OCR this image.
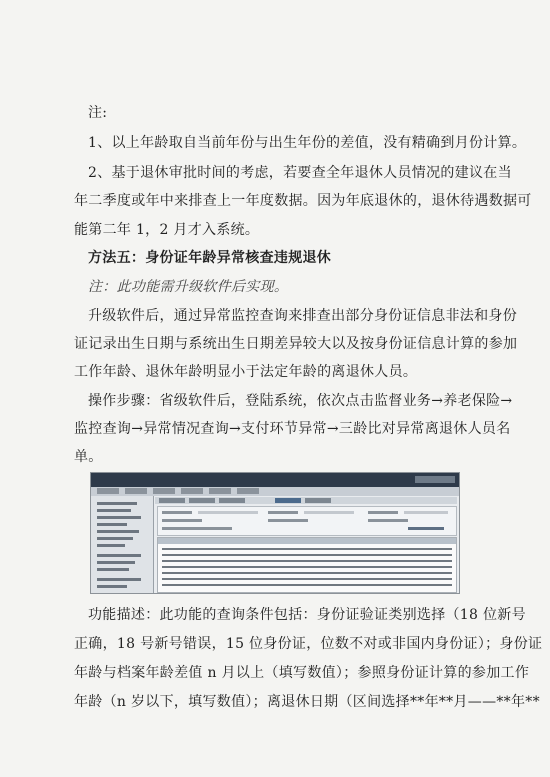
注:
1、以上年龄取自当前年份与出生年份的差值，没有精确到月份计算。
2、基于退休审批时间的考虑，若要查全年退休人员情况的建议在当
年二季度或年中来排查上一年度数据。因为年底退休的，退休待遇数据可
能第二年 1，2 月才入系统。
方法五：身份证年龄异常核查违规退休
注：此功能需升级软件后实现。
升级软件后，通过异常监控查询来排查出部分身份证信息非法和身份
证记录出生日期与系统出生日期差异较大以及按身份证信息计算的参加
工作年龄、退休年龄明显小于法定年龄的离退休人员。
操作步骤：省级软件后，登陆系统，依次点击监督业务→养老保险→
监控查询→异常情况查询→支付环节异常→三龄比对异常离退休人员名
单。
功能描述：此功能的查询条件包括：身份证验证类别选择（18 位新号
正确，18 号新号错误，15 位身份证，位数不对或非国内身份证）；身份证
年龄与档案年龄差值 n 月以上（填写数值）；参照身份证计算的参加工作
年龄（n 岁以下，填写数值）；离退休日期（区间选择**年**月——**年**
